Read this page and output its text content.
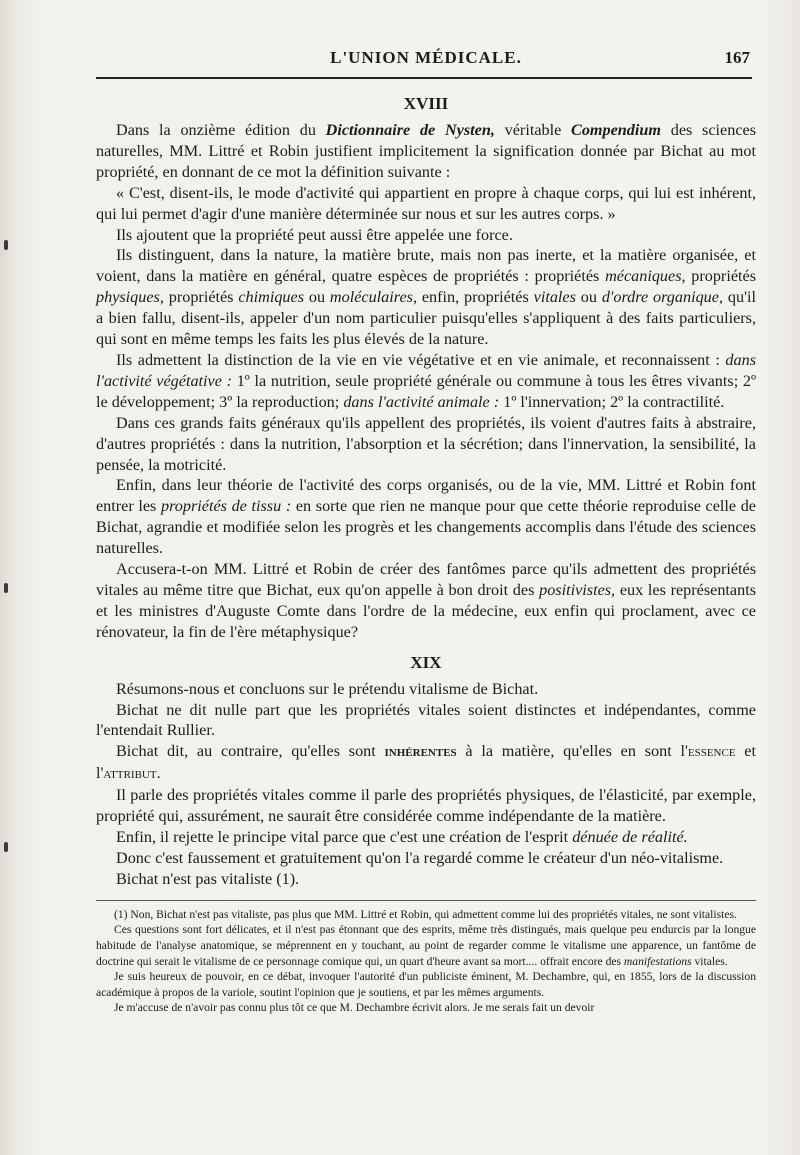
L'UNION MÉDICALE.	167
XVIII

Dans la onzième édition du Dictionnaire de Nysten, véritable Compendium des sciences naturelles, MM. Littré et Robin justifient implicitement la signification donnée par Bichat au mot propriété, en donnant de ce mot la définition suivante :

« C'est, disent-ils, le mode d'activité qui appartient en propre à chaque corps, qui lui est inhérent, qui lui permet d'agir d'une manière déterminée sur nous et sur les autres corps. »

Ils ajoutent que la propriété peut aussi être appelée une force.

Ils distinguent, dans la nature, la matière brute, mais non pas inerte, et la matière organisée, et voient, dans la matière en général, quatre espèces de propriétés : propriétés mécaniques, propriétés physiques, propriétés chimiques ou moléculaires, enfin, propriétés vitales ou d'ordre organique, qu'il a bien fallu, disent-ils, appeler d'un nom particulier puisqu'elles s'appliquent à des faits particuliers, qui sont en même temps les faits les plus élevés de la nature.

Ils admettent la distinction de la vie en vie végétative et en vie animale, et reconnaissent : dans l'activité végétative : 1º la nutrition, seule propriété générale ou commune à tous les êtres vivants; 2º le développement; 3º la reproduction; dans l'activité animale : 1º l'innervation; 2º la contractilité.

Dans ces grands faits généraux qu'ils appellent des propriétés, ils voient d'autres faits à abstraire, d'autres propriétés : dans la nutrition, l'absorption et la sécrétion; dans l'innervation, la sensibilité, la pensée, la motricité.

Enfin, dans leur théorie de l'activité des corps organisés, ou de la vie, MM. Littré et Robin font entrer les propriétés de tissu : en sorte que rien ne manque pour que cette théorie reproduise celle de Bichat, agrandie et modifiée selon les progrès et les changements accomplis dans l'étude des sciences naturelles.

Accusera-t-on MM. Littré et Robin de créer des fantômes parce qu'ils admettent des propriétés vitales au même titre que Bichat, eux qu'on appelle à bon droit des positivistes, eux les représentants et les ministres d'Auguste Comte dans l'ordre de la médecine, eux enfin qui proclament, avec ce rénovateur, la fin de l'ère métaphysique?

XIX

Résumons-nous et concluons sur le prétendu vitalisme de Bichat.

Bichat ne dit nulle part que les propriétés vitales soient distinctes et indépendantes, comme l'entendait Rullier.

Bichat dit, au contraire, qu'elles sont inhérentes à la matière, qu'elles en sont l'essence et l'attribut.

Il parle des propriétés vitales comme il parle des propriétés physiques, de l'élasticité, par exemple, propriété qui, assurément, ne saurait être considérée comme indépendante de la matière.

Enfin, il rejette le principe vital parce que c'est une création de l'esprit dénuée de réalité.

Donc c'est faussement et gratuitement qu'on l'a regardé comme le créateur d'un néo-vitalisme.

Bichat n'est pas vitaliste (1).

(1) Non, Bichat n'est pas vitaliste, pas plus que MM. Littré et Robin, qui admettent comme lui des propriétés vitales, ne sont vitalistes.

Ces questions sont fort délicates, et il n'est pas étonnant que des esprits, même très distingués, mais quelque peu endurcis par la longue habitude de l'analyse anatomique, se méprennent en y touchant, au point de regarder comme le vitalisme une apparence, un fantôme de doctrine qui serait le vitalisme de ce personnage comique qui, un quart d'heure avant sa mort.... offrait encore des manifestations vitales.

Je suis heureux de pouvoir, en ce débat, invoquer l'autorité d'un publiciste éminent, M. Dechambre, qui, en 1855, lors de la discussion académique à propos de la variole, soutint l'opinion que je soutiens, et par les mêmes arguments.

Je m'accuse de n'avoir pas connu plus tôt ce que M. Dechambre écrivit alors. Je me serais fait un devoir
